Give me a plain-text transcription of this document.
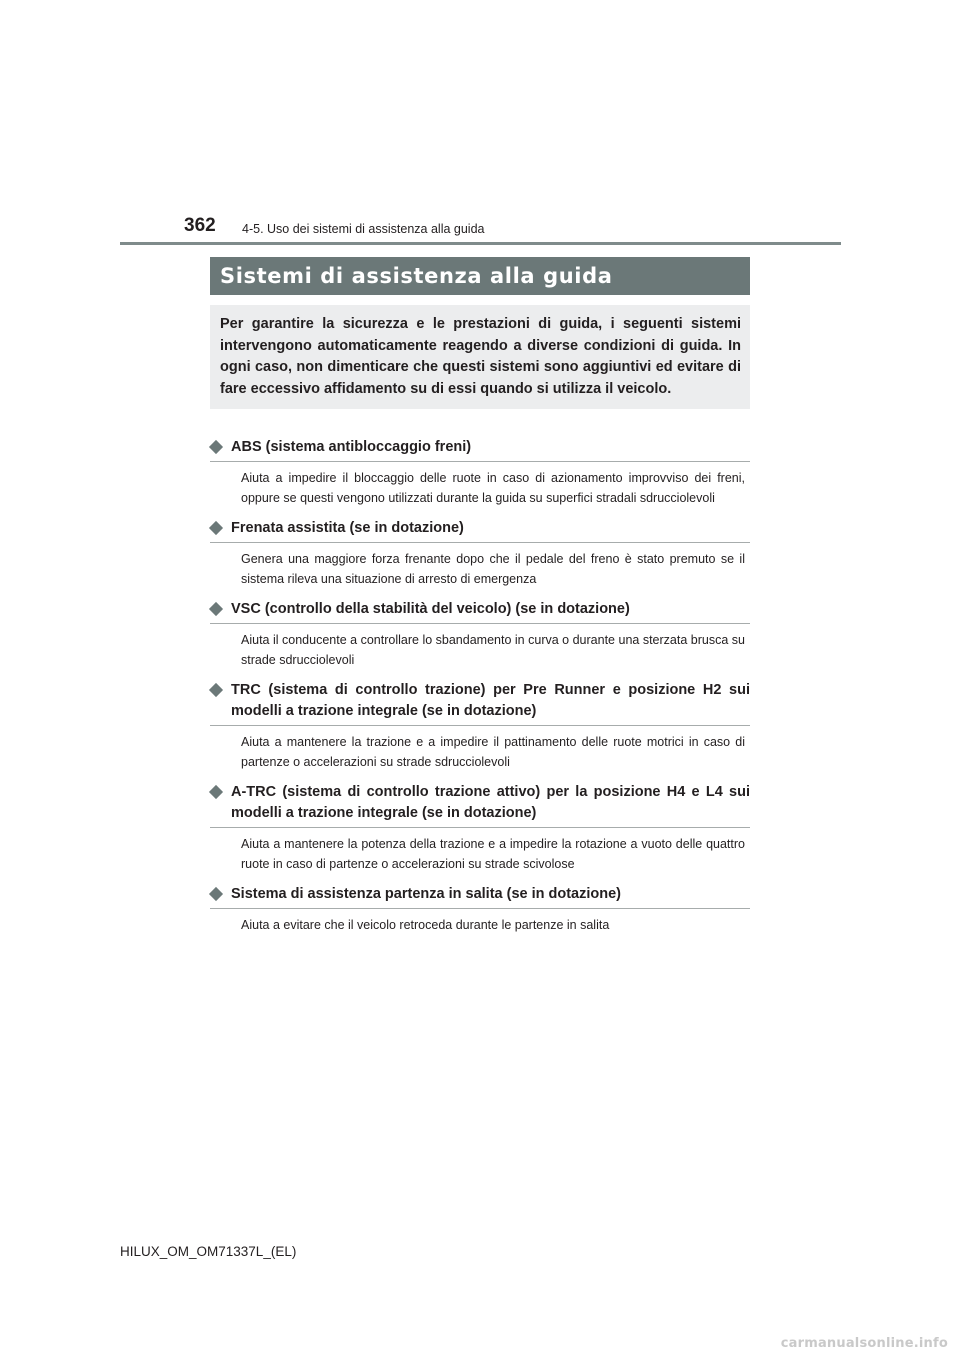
362 4-5. Uso dei sistemi di assistenza alla guida
Sistemi di assistenza alla guida
Per garantire la sicurezza e le prestazioni di guida, i seguenti sistemi intervengono automaticamente reagendo a diverse condizioni di guida. In ogni caso, non dimenticare che questi sistemi sono aggiuntivi ed evitare di fare eccessivo affidamento su di essi quando si utilizza il veicolo.
ABS (sistema antibloccaggio freni)
Aiuta a impedire il bloccaggio delle ruote in caso di azionamento improvviso dei freni, oppure se questi vengono utilizzati durante la guida su superfici stradali sdrucciolevoli
Frenata assistita (se in dotazione)
Genera una maggiore forza frenante dopo che il pedale del freno è stato premuto se il sistema rileva una situazione di arresto di emergenza
VSC (controllo della stabilità del veicolo) (se in dotazione)
Aiuta il conducente a controllare lo sbandamento in curva o durante una sterzata brusca su strade sdrucciolevoli
TRC (sistema di controllo trazione) per Pre Runner e posizione H2 sui modelli a trazione integrale (se in dotazione)
Aiuta a mantenere la trazione e a impedire il pattinamento delle ruote motrici in caso di partenze o accelerazioni su strade sdrucciolevoli
A-TRC (sistema di controllo trazione attivo) per la posizione H4 e L4 sui modelli a trazione integrale (se in dotazione)
Aiuta a mantenere la potenza della trazione e a impedire la rotazione a vuoto delle quattro ruote in caso di partenze o accelerazioni su strade scivolose
Sistema di assistenza partenza in salita (se in dotazione)
Aiuta a evitare che il veicolo retroceda durante le partenze in salita
HILUX_OM_OM71337L_(EL)
carmanualsonline.info
